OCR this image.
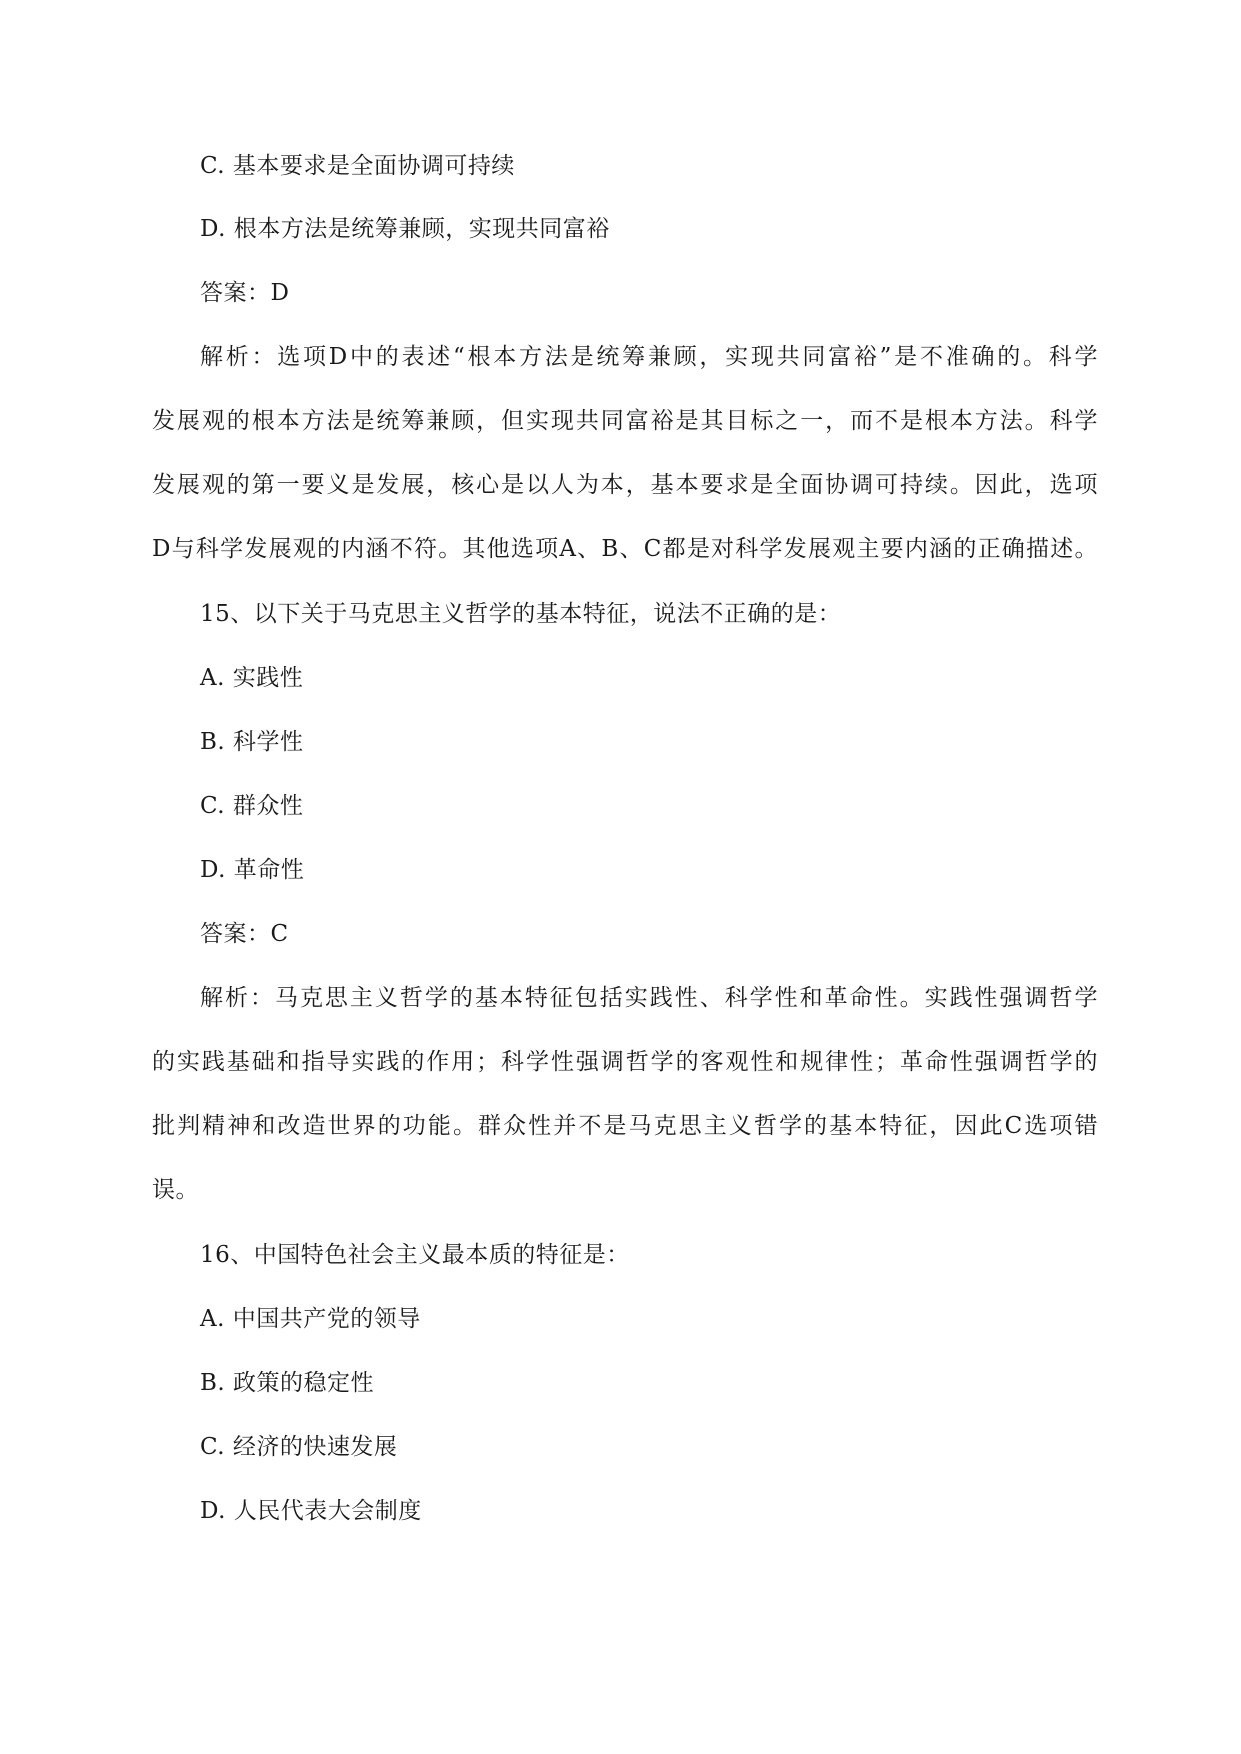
C. 基本要求是全面协调可持续
D. 根本方法是统筹兼顾，实现共同富裕
答案：D
解析：选项D中的表述“根本方法是统筹兼顾，实现共同富裕”是不准确的。科学
发展观的根本方法是统筹兼顾，但实现共同富裕是其目标之一，而不是根本方法。科学
发展观的第一要义是发展，核心是以人为本，基本要求是全面协调可持续。因此，选项
D与科学发展观的内涵不符。其他选项A、B、C都是对科学发展观主要内涵的正确描述。
15、以下关于马克思主义哲学的基本特征，说法不正确的是：
A. 实践性
B. 科学性
C. 群众性
D. 革命性
答案：C
解析：马克思主义哲学的基本特征包括实践性、科学性和革命性。实践性强调哲学
的实践基础和指导实践的作用；科学性强调哲学的客观性和规律性；革命性强调哲学的
批判精神和改造世界的功能。群众性并不是马克思主义哲学的基本特征，因此C选项错
误。
16、中国特色社会主义最本质的特征是：
A. 中国共产党的领导
B. 政策的稳定性
C. 经济的快速发展
D. 人民代表大会制度
